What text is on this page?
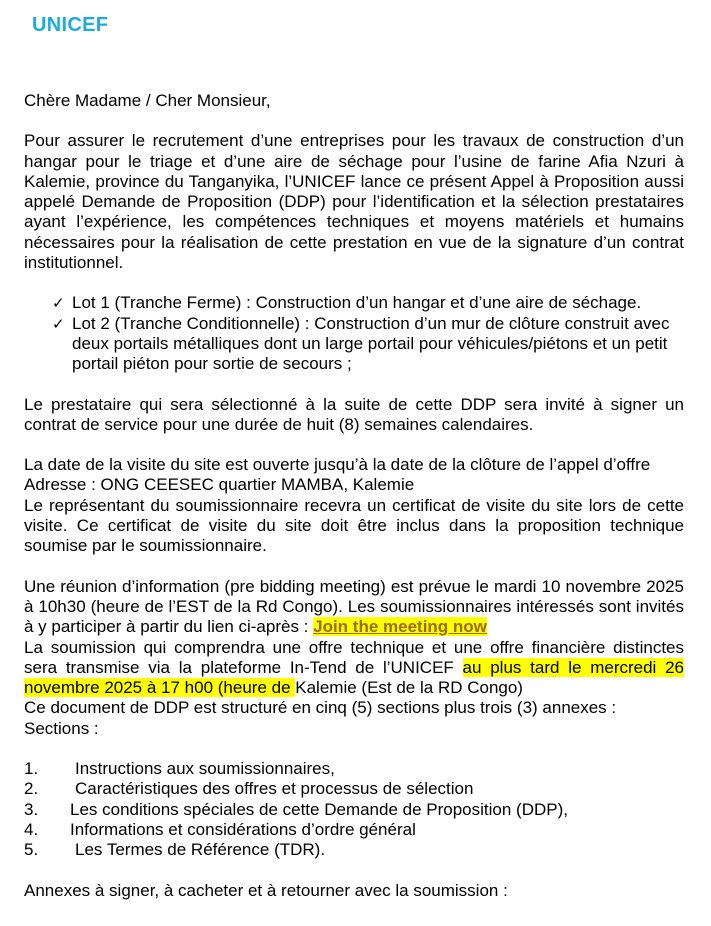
UNICEF

Chère Madame / Cher Monsieur,

Pour assurer le recrutement d’une entreprises pour les travaux de construction d’un hangar pour le triage et d’une aire de séchage pour l’usine de farine Afia Nzuri à Kalemie, province du Tanganyika, l’UNICEF lance ce présent Appel à Proposition aussi appelé Demande de Proposition (DDP) pour l’identification et la sélection prestataires ayant l’expérience, les compétences techniques et moyens matériels et humains nécessaires pour la réalisation de cette prestation en vue de la signature d’un contrat institutionnel.

✓ Lot 1 (Tranche Ferme) : Construction d’un hangar et d’une aire de séchage.
✓ Lot 2 (Tranche Conditionnelle) : Construction d’un mur de clôture construit avec deux portails métalliques dont un large portail pour véhicules/piétons et un petit portail piéton pour sortie de secours ;

Le prestataire qui sera sélectionné à la suite de cette DDP sera invité à signer un contrat de service pour une durée de huit (8) semaines calendaires.

La date de la visite du site est ouverte jusqu’à la date de la clôture de l’appel d’offre

Adresse : ONG CEESEC quartier MAMBA, Kalemie

Le représentant du soumissionnaire recevra un certificat de visite du site lors de cette visite. Ce certificat de visite du site doit être inclus dans la proposition technique soumise par le soumissionnaire.

Une réunion d’information (pre bidding meeting) est prévue le mardi 10 novembre 2025 à 10h30 (heure de l’EST de la Rd Congo). Les soumissionnaires intéressés sont invités à y participer à partir du lien ci-après : Join the meeting now

La soumission qui comprendra une offre technique et une offre financière distinctes sera transmise via la plateforme In-Tend de l’UNICEF au plus tard le mercredi 26 novembre 2025 à 17 h00 (heure de Kalemie (Est de la RD Congo)

Ce document de DDP est structuré en cinq (5) sections plus trois (3) annexes :

Sections :

1. Instructions aux soumissionnaires,
2. Caractéristiques des offres et processus de sélection
3. Les conditions spéciales de cette Demande de Proposition (DDP),
4. Informations et considérations d’ordre général
5. Les Termes de Référence (TDR).

Annexes à signer, à cacheter et à retourner avec la soumission :
